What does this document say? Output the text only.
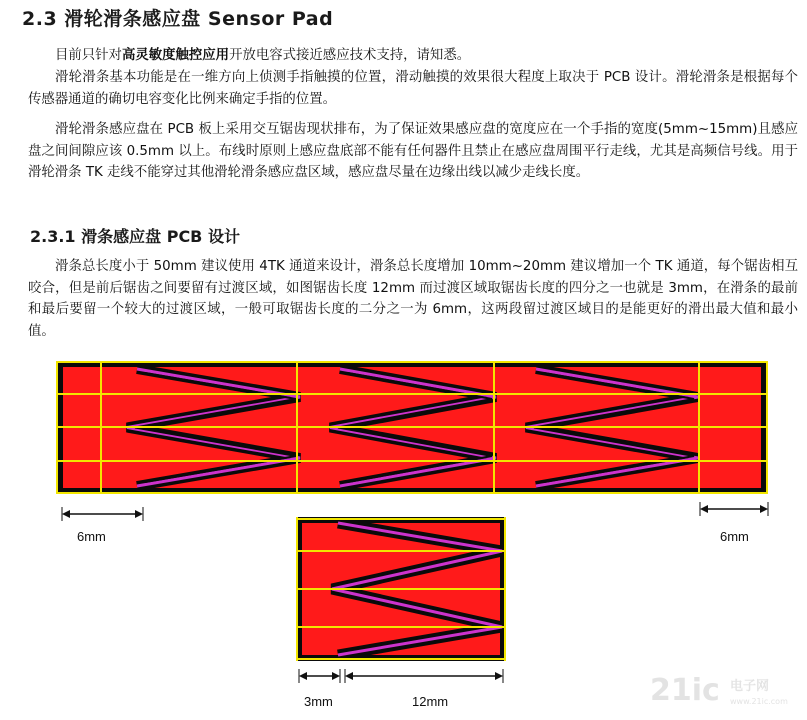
2.3 滑轮滑条感应盘 Sensor Pad
目前只针对高灵敏度触控应用开放电容式接近感应技术支持，请知悉。
滑轮滑条基本功能是在一维方向上侦测手指触摸的位置，滑动触摸的效果很大程度上取决于 PCB 设计。滑轮滑条是根据每个传感器通道的确切电容变化比例来确定手指的位置。
滑轮滑条感应盘在 PCB 板上采用交互锯齿现状排布，为了保证效果感应盘的宽度应在一个手指的宽度(5mm~15mm)且感应盘之间间隙应该 0.5mm 以上。布线时原则上感应盘底部不能有任何器件且禁止在感应盘周围平行走线，尤其是高频信号线。用于滑轮滑条 TK 走线不能穿过其他滑轮滑条感应盘区域，感应盘尽量在边缘出线以减少走线长度。
2.3.1 滑条感应盘 PCB 设计
滑条总长度小于 50mm 建议使用 4TK 通道来设计，滑条总长度增加 10mm~20mm 建议增加一个 TK 通道，每个锯齿相互咬合，但是前后锯齿之间要留有过渡区域，如图锯齿长度 12mm 而过渡区域取锯齿长度的四分之一也就是 3mm，在滑条的最前和最后要留一个较大的过渡区域，一般可取锯齿长度的二分之一为 6mm，这两段留过渡区域目的是能更好的滑出最大值和最小值。
6mm	6mm
3mm	12mm	21ic 电子网
www.21ic.com
